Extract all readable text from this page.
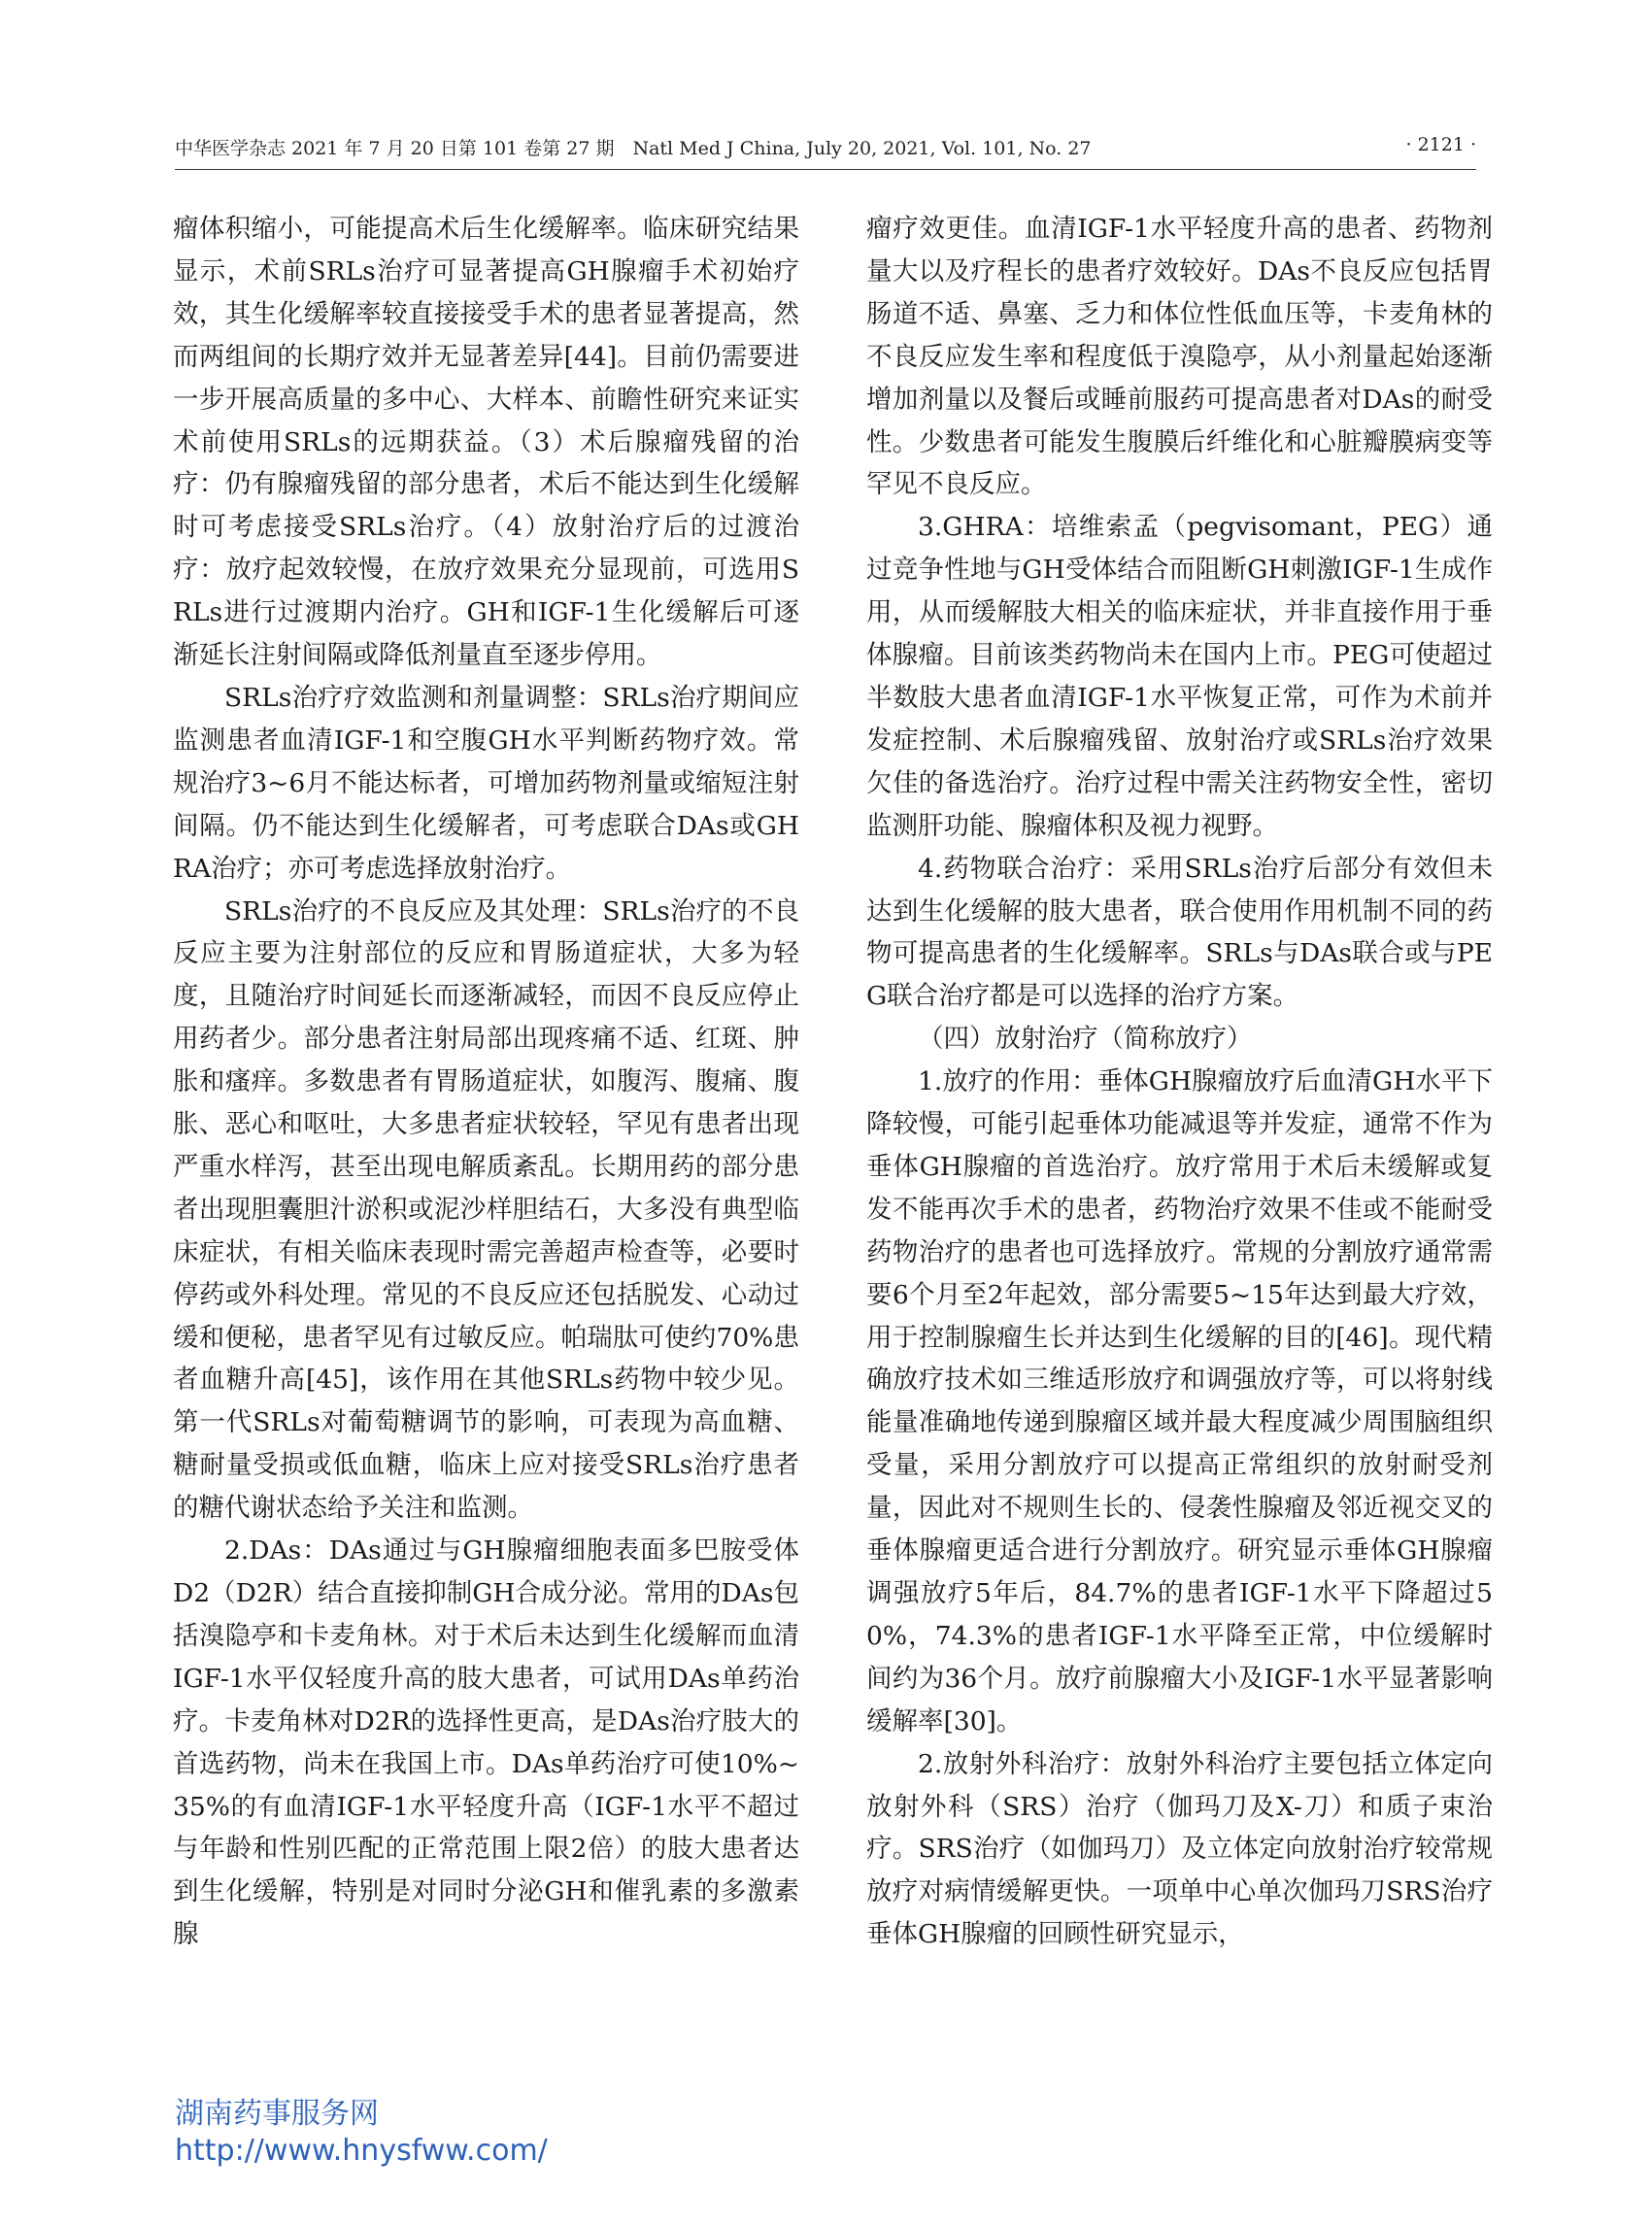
中华医学杂志 2021 年 7 月 20 日第 101 卷第 27 期　Natl Med J China, July 20, 2021, Vol. 101, No. 27	· 2121 ·

瘤体积缩小，可能提高术后生化缓解率。临床研究结果显示，术前SRLs治疗可显著提高GH腺瘤手术初始疗效，其生化缓解率较直接接受手术的患者显著提高，然而两组间的长期疗效并无显著差异[44]。目前仍需要进一步开展高质量的多中心、大样本、前瞻性研究来证实术前使用SRLs的远期获益。（3）术后腺瘤残留的治疗：仍有腺瘤残留的部分患者，术后不能达到生化缓解时可考虑接受SRLs治疗。（4）放射治疗后的过渡治疗：放疗起效较慢，在放疗效果充分显现前，可选用SRLs进行过渡期内治疗。GH和IGF-1生化缓解后可逐渐延长注射间隔或降低剂量直至逐步停用。

SRLs治疗疗效监测和剂量调整：SRLs治疗期间应监测患者血清IGF-1和空腹GH水平判断药物疗效。常规治疗3~6月不能达标者，可增加药物剂量或缩短注射间隔。仍不能达到生化缓解者，可考虑联合DAs或GHRA治疗；亦可考虑选择放射治疗。

SRLs治疗的不良反应及其处理：SRLs治疗的不良反应主要为注射部位的反应和胃肠道症状，大多为轻度，且随治疗时间延长而逐渐减轻，而因不良反应停止用药者少。部分患者注射局部出现疼痛不适、红斑、肿胀和瘙痒。多数患者有胃肠道症状，如腹泻、腹痛、腹胀、恶心和呕吐，大多患者症状较轻，罕见有患者出现严重水样泻，甚至出现电解质紊乱。长期用药的部分患者出现胆囊胆汁淤积或泥沙样胆结石，大多没有典型临床症状，有相关临床表现时需完善超声检查等，必要时停药或外科处理。常见的不良反应还包括脱发、心动过缓和便秘，患者罕见有过敏反应。帕瑞肽可使约70%患者血糖升高[45]，该作用在其他SRLs药物中较少见。第一代SRLs对葡萄糖调节的影响，可表现为高血糖、糖耐量受损或低血糖，临床上应对接受SRLs治疗患者的糖代谢状态给予关注和监测。

2.DAs：DAs通过与GH腺瘤细胞表面多巴胺受体D2（D2R）结合直接抑制GH合成分泌。常用的DAs包括溴隐亭和卡麦角林。对于术后未达到生化缓解而血清IGF-1水平仅轻度升高的肢大患者，可试用DAs单药治疗。卡麦角林对D2R的选择性更高，是DAs治疗肢大的首选药物，尚未在我国上市。DAs单药治疗可使10%~35%的有血清IGF-1水平轻度升高（IGF-1水平不超过与年龄和性别匹配的正常范围上限2倍）的肢大患者达到生化缓解，特别是对同时分泌GH和催乳素的多激素腺

瘤疗效更佳。血清IGF-1水平轻度升高的患者、药物剂量大以及疗程长的患者疗效较好。DAs不良反应包括胃肠道不适、鼻塞、乏力和体位性低血压等，卡麦角林的不良反应发生率和程度低于溴隐亭，从小剂量起始逐渐增加剂量以及餐后或睡前服药可提高患者对DAs的耐受性。少数患者可能发生腹膜后纤维化和心脏瓣膜病变等罕见不良反应。

3.GHRA：培维索孟（pegvisomant，PEG）通过竞争性地与GH受体结合而阻断GH刺激IGF-1生成作用，从而缓解肢大相关的临床症状，并非直接作用于垂体腺瘤。目前该类药物尚未在国内上市。PEG可使超过半数肢大患者血清IGF-1水平恢复正常，可作为术前并发症控制、术后腺瘤残留、放射治疗或SRLs治疗效果欠佳的备选治疗。治疗过程中需关注药物安全性，密切监测肝功能、腺瘤体积及视力视野。

4.药物联合治疗：采用SRLs治疗后部分有效但未达到生化缓解的肢大患者，联合使用作用机制不同的药物可提高患者的生化缓解率。SRLs与DAs联合或与PEG联合治疗都是可以选择的治疗方案。

（四）放射治疗（简称放疗）

1.放疗的作用：垂体GH腺瘤放疗后血清GH水平下降较慢，可能引起垂体功能减退等并发症，通常不作为垂体GH腺瘤的首选治疗。放疗常用于术后未缓解或复发不能再次手术的患者，药物治疗效果不佳或不能耐受药物治疗的患者也可选择放疗。常规的分割放疗通常需要6个月至2年起效，部分需要5~15年达到最大疗效，用于控制腺瘤生长并达到生化缓解的目的[46]。现代精确放疗技术如三维适形放疗和调强放疗等，可以将射线能量准确地传递到腺瘤区域并最大程度减少周围脑组织受量，采用分割放疗可以提高正常组织的放射耐受剂量，因此对不规则生长的、侵袭性腺瘤及邻近视交叉的垂体腺瘤更适合进行分割放疗。研究显示垂体GH腺瘤调强放疗5年后，84.7%的患者IGF-1水平下降超过50%，74.3%的患者IGF-1水平降至正常，中位缓解时间约为36个月。放疗前腺瘤大小及IGF-1水平显著影响缓解率[30]。

2.放射外科治疗：放射外科治疗主要包括立体定向放射外科（SRS）治疗（伽玛刀及X-刀）和质子束治疗。SRS治疗（如伽玛刀）及立体定向放射治疗较常规放疗对病情缓解更快。一项单中心单次伽玛刀SRS治疗垂体GH腺瘤的回顾性研究显示，

湖南药事服务网
http://www.hnysfww.com/
